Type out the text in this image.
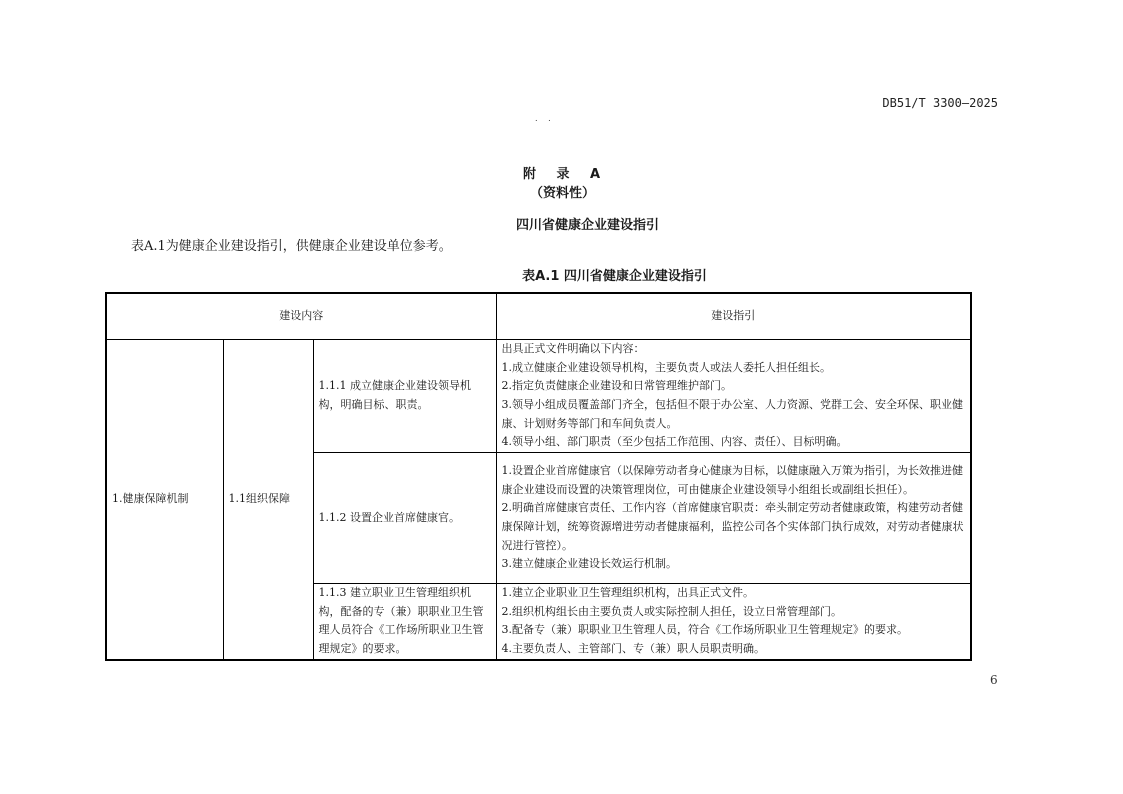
DB51/T 3300—2025
. .
附 录 A
（资料性）
四川省健康企业建设指引
表A.1为健康企业建设指引，供健康企业建设单位参考。
表A.1 四川省健康企业建设指引
建设内容			建设指引
1.健康保障机制	1.1组织保障	1.1.1 成立健康企业建设领导机构，明确目标、职责。	出具正式文件明确以下内容：
1.成立健康企业建设领导机构，主要负责人或法人委托人担任组长。
2.指定负责健康企业建设和日常管理维护部门。
3.领导小组成员覆盖部门齐全，包括但不限于办公室、人力资源、党群工会、安全环保、职业健康、计划财务等部门和车间负责人。
4.领导小组、部门职责（至少包括工作范围、内容、责任）、目标明确。

		1.1.2 设置企业首席健康官。	1.设置企业首席健康官（以保障劳动者身心健康为目标，以健康融入万策为指引，为长效推进健康企业建设而设置的决策管理岗位，可由健康企业建设领导小组组长或副组长担任）。
2.明确首席健康官责任、工作内容（首席健康官职责：牵头制定劳动者健康政策，构建劳动者健康保障计划，统筹资源增进劳动者健康福利，监控公司各个实体部门执行成效，对劳动者健康状况进行管控）。
3.建立健康企业建设长效运行机制。

		1.1.3 建立职业卫生管理组织机构，配备的专（兼）职职业卫生管理人员符合《工作场所职业卫生管理规定》的要求。	1.建立企业职业卫生管理组织机构，出具正式文件。
2.组织机构组长由主要负责人或实际控制人担任，设立日常管理部门。
3.配备专（兼）职职业卫生管理人员，符合《工作场所职业卫生管理规定》的要求。
4.主要负责人、主管部门、专（兼）职人员职责明确。
6
